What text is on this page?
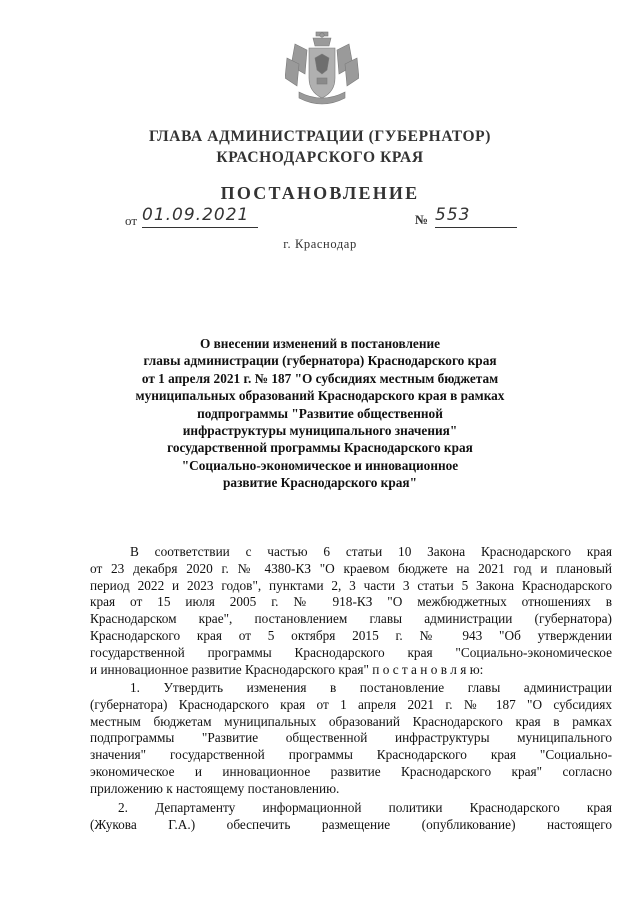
ГЛАВА АДМИНИСТРАЦИИ (ГУБЕРНАТОР)
КРАСНОДАРСКОГО КРАЯ
ПОСТАНОВЛЕНИЕ
от 01.09.2021	№ 553
г. Краснодар
О внесении изменений в постановление
главы администрации (губернатора) Краснодарского края
от 1 апреля 2021 г. № 187 "О субсидиях местным бюджетам
муниципальных образований Краснодарского края в рамках
подпрограммы "Развитие общественной
инфраструктуры муниципального значения"
государственной программы Краснодарского края
"Социально-экономическое и инновационное
развитие Краснодарского края"
В соответствии с частью 6 статьи 10 Закона Краснодарского края
от 23 декабря 2020 г. № 4380-КЗ "О краевом бюджете на 2021 год и плановый
период 2022 и 2023 годов", пунктами 2, 3 части 3 статьи 5 Закона Краснодарского
края от 15 июля 2005 г. № 918-КЗ "О межбюджетных отношениях в
Краснодарском крае", постановлением главы администрации (губернатора)
Краснодарского края от 5 октября 2015 г. № 943 "Об утверждении
государственной программы Краснодарского края "Социально-экономическое
и инновационное развитие Краснодарского края" п о с т а н о в л я ю:
1. Утвердить изменения в постановление главы администрации
(губернатора) Краснодарского края от 1 апреля 2021 г. № 187 "О субсидиях
местным бюджетам муниципальных образований Краснодарского края в рамках
подпрограммы "Развитие общественной инфраструктуры муниципального
значения" государственной программы Краснодарского края "Социально-
экономическое и инновационное развитие Краснодарского края" согласно
приложению к настоящему постановлению.
2. Департаменту информационной политики Краснодарского края
(Жукова Г.А.) обеспечить размещение (опубликование) настоящего
